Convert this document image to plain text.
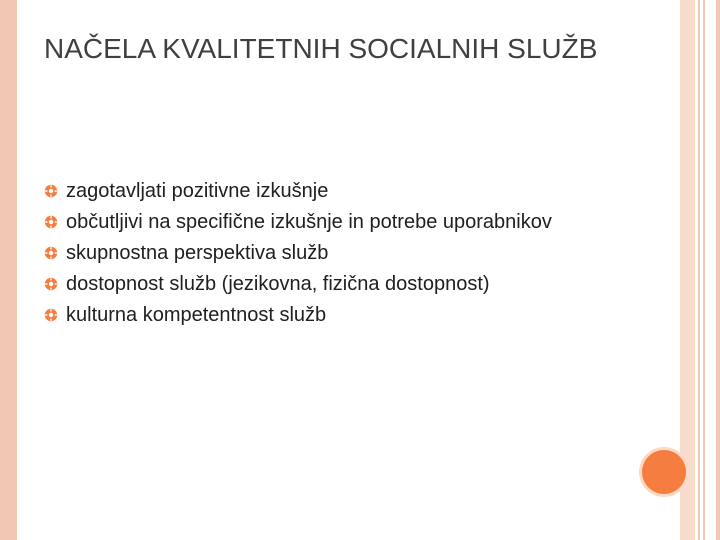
NAČELA KVALITETNIH SOCIALNIH SLUŽB
zagotavljati pozitivne izkušnje
občutljivi na specifične izkušnje in potrebe uporabnikov
skupnostna perspektiva služb
dostopnost služb (jezikovna, fizična dostopnost)
kulturna kompetentnost služb
